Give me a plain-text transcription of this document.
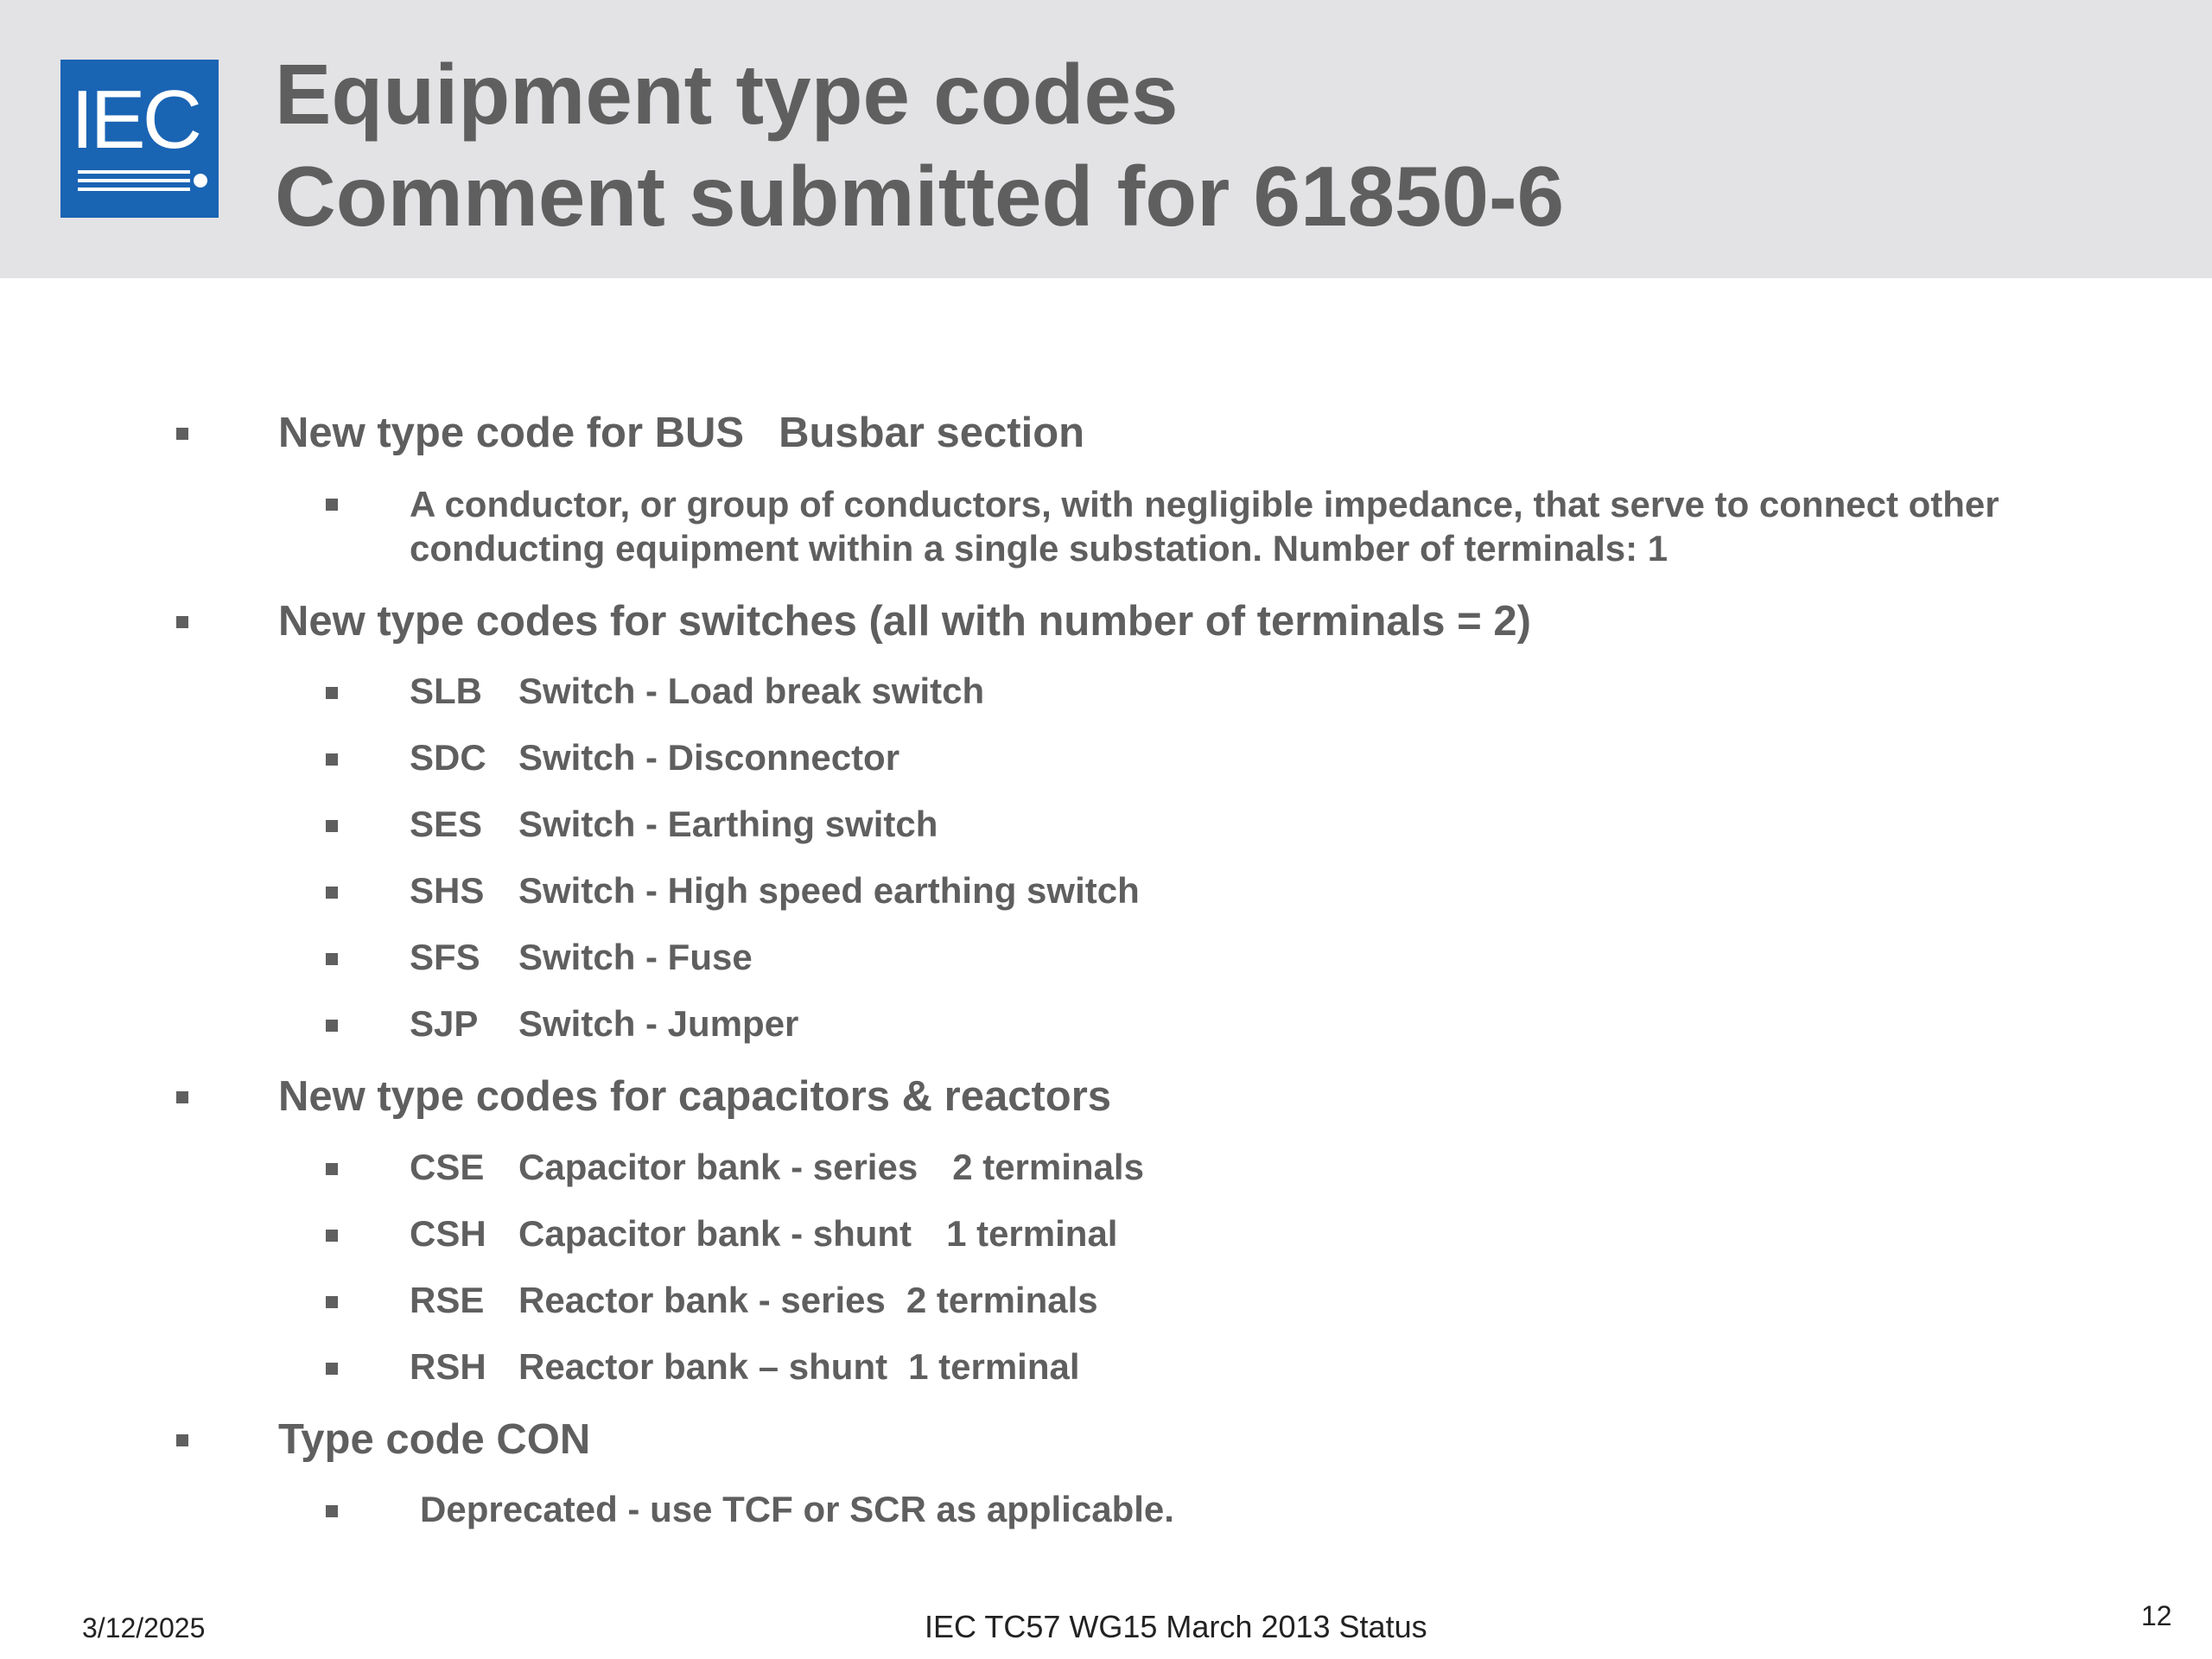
IEC Equipment type codes
Comment submitted for 61850-6
New type code for BUS Busbar section
A conductor, or group of conductors, with negligible impedance, that serve to connect other conducting equipment within a single substation. Number of terminals: 1
New type codes for switches (all with number of terminals = 2)
SLB Switch - Load break switch
SDC Switch - Disconnector
SES Switch - Earthing switch
SHS Switch - High speed earthing switch
SFS Switch - Fuse
SJP Switch - Jumper
New type codes for capacitors & reactors
CSE Capacitor bank - series 2 terminals
CSH Capacitor bank - shunt 1 terminal
RSE Reactor bank - series 2 terminals
RSH Reactor bank – shunt 1 terminal
Type code CON
Deprecated - use TCF or SCR as applicable.
3/12/2025	IEC TC57 WG15 March 2013 Status	12
